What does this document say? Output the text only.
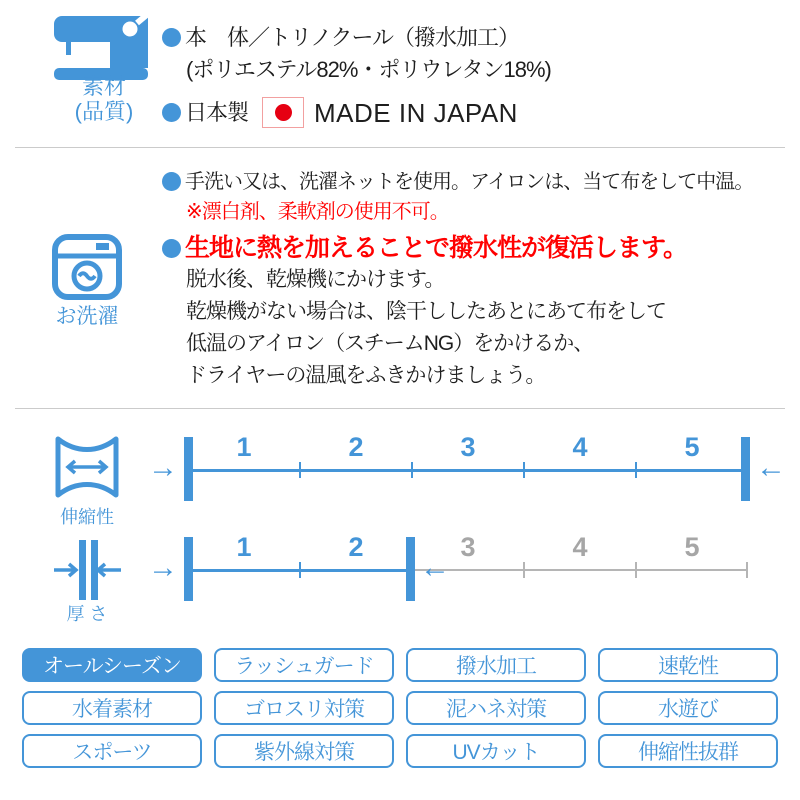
素材
(品質)
本　体／トリノクール（撥水加工）
(ポリエステル82%・ポリウレタン18%)
日本製	MADE IN JAPAN
お洗濯
手洗い又は、洗濯ネットを使用。アイロンは、当て布をして中温。
※漂白剤、柔軟剤の使用不可。
生地に熱を加えることで撥水性が復活します。
脱水後、乾燥機にかけます。
乾燥機がない場合は、陰干ししたあとにあて布をして
低温のアイロン（スチームNG）をかけるか、
ドライヤーの温風をふきかけましょう。
伸縮性
→
1	2	3	4	5
←
厚 さ
→
1	2	3	4	5
←
オールシーズン	ラッシュガード	撥水加工	速乾性
水着素材	ゴロスリ対策	泥ハネ対策	水遊び
スポーツ	紫外線対策	UVカット	伸縮性抜群
